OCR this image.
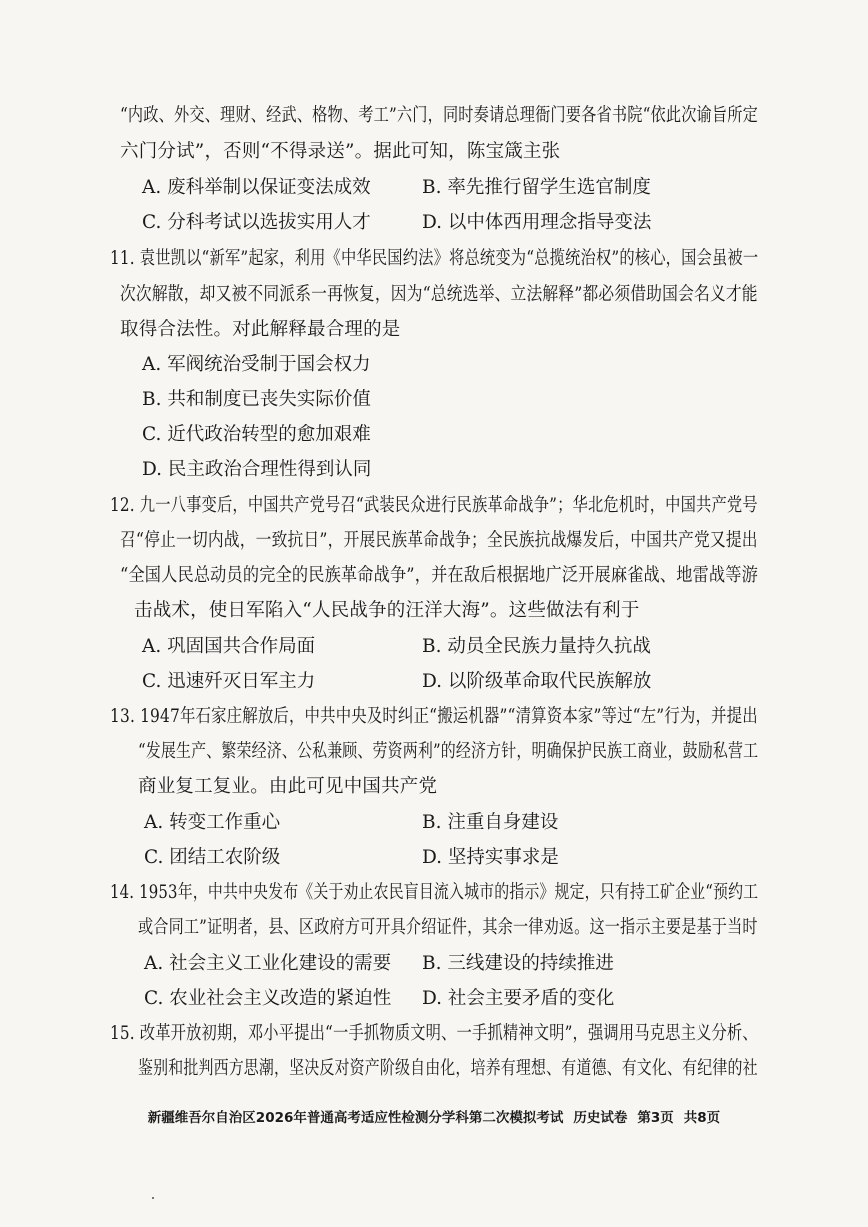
“内政、外交、理财、经武、格物、考工”六门，同时奏请总理衙门要各省书院“依此次谕旨所定
六门分试”，否则“不得录送”。据此可知，陈宝箴主张
A. 废科举制以保证变法成效	B. 率先推行留学生选官制度
C. 分科考试以选拔实用人才	D. 以中体西用理念指导变法
11. 袁世凯以“新军”起家，利用《中华民国约法》将总统变为“总揽统治权”的核心，国会虽被一
次次解散，却又被不同派系一再恢复，因为“总统选举、立法解释”都必须借助国会名义才能
取得合法性。对此解释最合理的是
A. 军阀统治受制于国会权力
B. 共和制度已丧失实际价值
C. 近代政治转型的愈加艰难
D. 民主政治合理性得到认同
12. 九一八事变后，中国共产党号召“武装民众进行民族革命战争”；华北危机时，中国共产党号
召“停止一切内战，一致抗日”，开展民族革命战争；全民族抗战爆发后，中国共产党又提出
“全国人民总动员的完全的民族革命战争”，并在敌后根据地广泛开展麻雀战、地雷战等游
击战术，使日军陷入“人民战争的汪洋大海”。这些做法有利于
A. 巩固国共合作局面	B. 动员全民族力量持久抗战
C. 迅速歼灭日军主力	D. 以阶级革命取代民族解放
13. 1947年石家庄解放后，中共中央及时纠正“搬运机器”“清算资本家”等过“左”行为，并提出
“发展生产、繁荣经济、公私兼顾、劳资两利”的经济方针，明确保护民族工商业，鼓励私营工
商业复工复业。由此可见中国共产党
A. 转变工作重心	B. 注重自身建设
C. 团结工农阶级	D. 坚持实事求是
14. 1953年，中共中央发布《关于劝止农民盲目流入城市的指示》规定，只有持工矿企业“预约工
或合同工”证明者，县、区政府方可开具介绍证件，其余一律劝返。这一指示主要是基于当时
A. 社会主义工业化建设的需要 B. 三线建设的持续推进
C. 农业社会主义改造的紧迫性 D. 社会主要矛盾的变化
15. 改革开放初期，邓小平提出“一手抓物质文明、一手抓精神文明”，强调用马克思主义分析、
鉴别和批判西方思潮，坚决反对资产阶级自由化，培养有理想、有道德、有文化、有纪律的社
新疆维吾尔自治区2026年普通高考适应性检测分学科第二次模拟考试 历史试卷 第3页 共8页
